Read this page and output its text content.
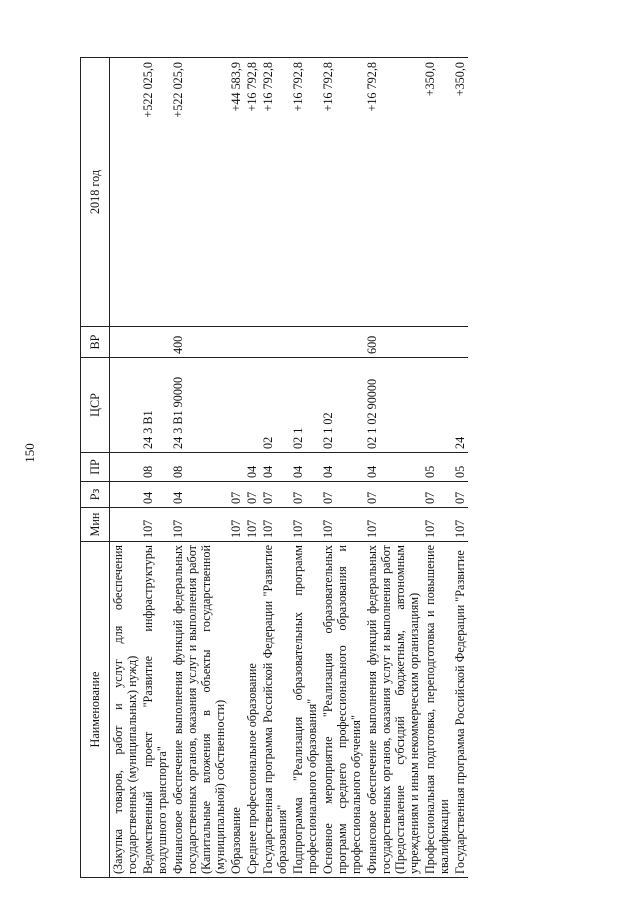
150
Наименование	Мин	Рз	ПР	ЦСР	ВР	2018 год
(Закупка товаров, работ и услуг для обеспечения государственных (муниципальных) нужд)						
Ведомственный проект "Развитие инфраструктуры воздушного транспорта"	107	04	08	24 3 В1		+522 025,0
Финансовое обеспечение выполнения функций федеральных государственных органов, оказания услуг и выполнения работ (Капитальные вложения в объекты государственной (муниципальной) собственности)	107	04	08	24 3 В1 90000	400	+522 025,0
Образование	107	07				+44 583,9
Среднее профессиональное образование	107	07	04			+16 792,8
Государственная программа Российской Федерации "Развитие образования"	107	07	04	02		+16 792,8
Подпрограмма "Реализация образовательных программ профессионального образования"	107	07	04	02 1		+16 792,8
Основное мероприятие "Реализация образовательных программ среднего профессионального образования и профессионального обучения"	107	07	04	02 1 02		+16 792,8
Финансовое обеспечение выполнения функций федеральных государственных органов, оказания услуг и выполнения работ (Предоставление субсидий бюджетным, автономным учреждениям и иным некоммерческим организациям)	107	07	04	02 1 02 90000	600	+16 792,8
Профессиональная подготовка, переподготовка и повышение квалификации	107	07	05			+350,0
Государственная программа Российской Федерации "Развитие	107	07	05	24		+350,0
